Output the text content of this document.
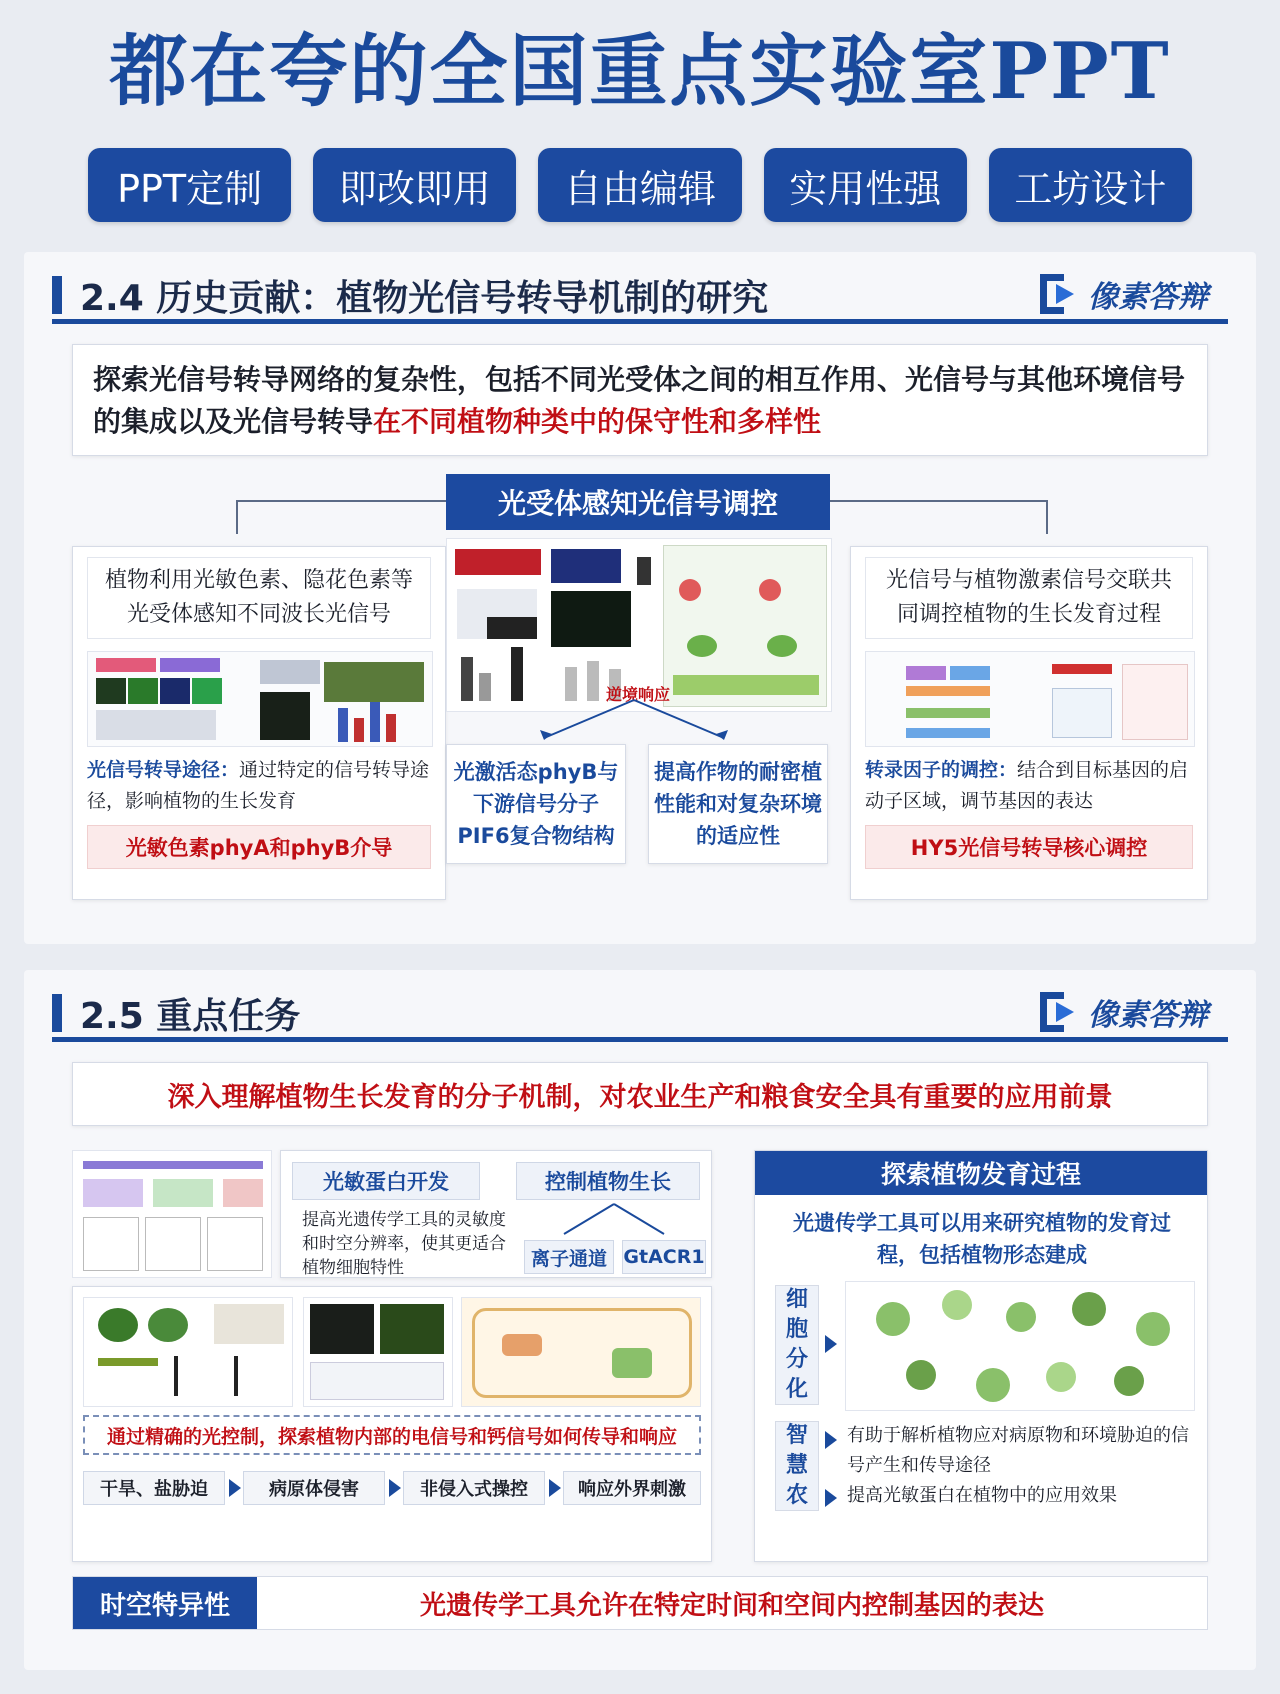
都在夸的全国重点实验室PPT
PPT定制	即改即用	自由编辑	实用性强	工坊设计
2.4 历史贡献：植物光信号转导机制的研究	像素答辩
探索光信号转导网络的复杂性，包括不同光受体之间的相互作用、光信号与其他环境信号的集成以及光信号转导在不同植物种类中的保守性和多样性
光受体感知光信号调控
植物利用光敏色素、隐花色素等光受体感知不同波长光信号
光信号转导途径：通过特定的信号转导途径，影响植物的生长发育
光敏色素phyA和phyB介导
逆境响应
光激活态phyB与下游信号分子PIF6复合物结构
提高作物的耐密植性能和对复杂环境的适应性
光信号与植物激素信号交联共同调控植物的生长发育过程
转录因子的调控：结合到目标基因的启动子区域，调节基因的表达
HY5光信号转导核心调控
2.5 重点任务	像素答辩
深入理解植物生长发育的分子机制，对农业生产和粮食安全具有重要的应用前景
光敏蛋白开发	控制植物生长
提高光遗传学工具的灵敏度和时空分辨率，使其更适合植物细胞特性	离子通道 GtACR1
通过精确的光控制，探索植物内部的电信号和钙信号如何传导和响应
干旱、盐胁迫	病原体侵害	非侵入式操控	响应外界刺激
探索植物发育过程
光遗传学工具可以用来研究植物的发育过程，包括植物形态建成
细胞分化
智慧农
有助于解析植物应对病原物和环境胁迫的信号产生和传导途径
提高光敏蛋白在植物中的应用效果
时空特异性	光遗传学工具允许在特定时间和空间内控制基因的表达
